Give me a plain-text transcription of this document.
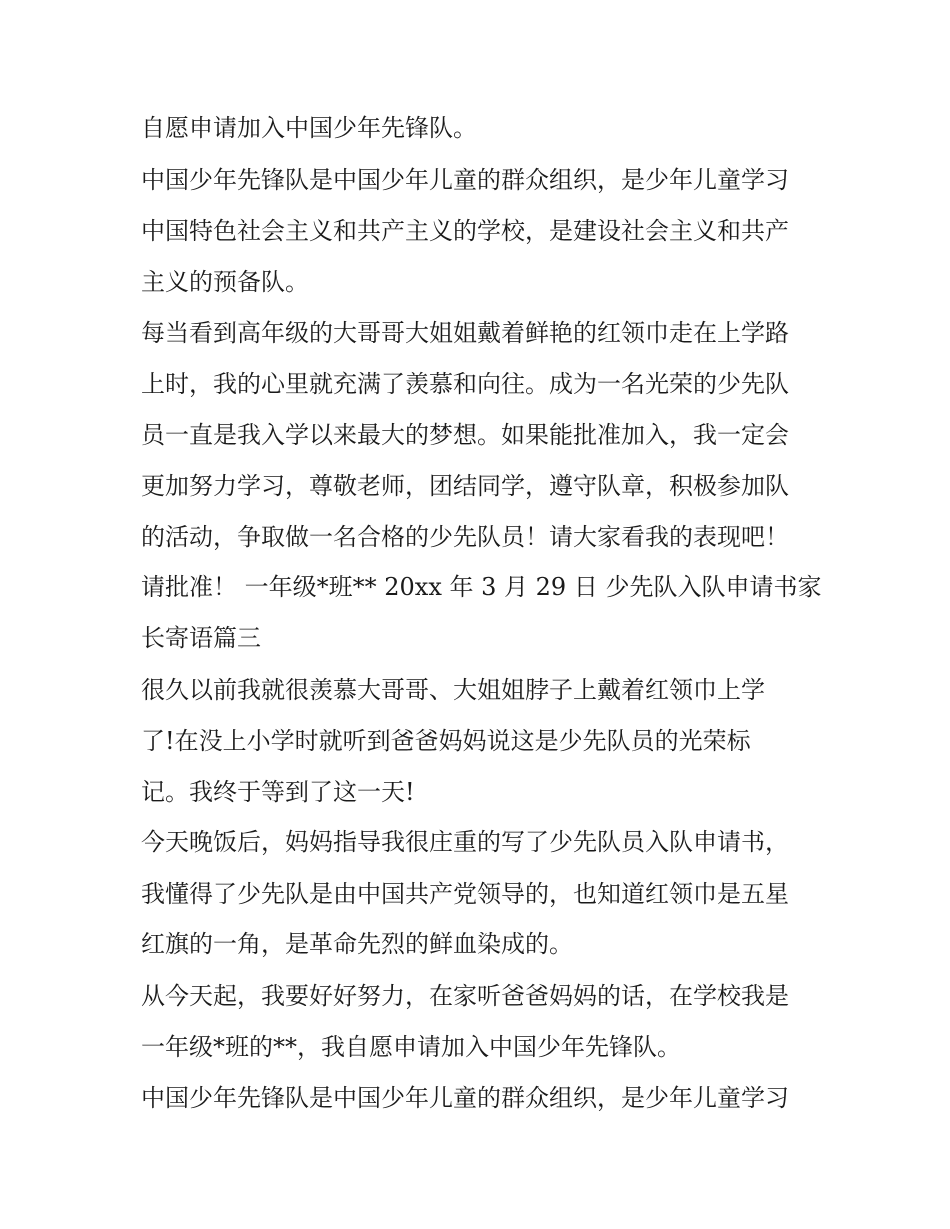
自愿申请加入中国少年先锋队。
中国少年先锋队是中国少年儿童的群众组织，是少年儿童学习
中国特色社会主义和共产主义的学校，是建设社会主义和共产
主义的预备队。
每当看到高年级的大哥哥大姐姐戴着鲜艳的红领巾走在上学路
上时，我的心里就充满了羡慕和向往。成为一名光荣的少先队
员一直是我入学以来最大的梦想。如果能批准加入，我一定会
更加努力学习，尊敬老师，团结同学，遵守队章，积极参加队
的活动，争取做一名合格的少先队员！请大家看我的表现吧！
请批准！ 一年级*班** 20xx 年 3 月 29 日 少先队入队申请书家
长寄语篇三
很久以前我就很羡慕大哥哥、大姐姐脖子上戴着红领巾上学
了!在没上小学时就听到爸爸妈妈说这是少先队员的光荣标
记。我终于等到了这一天!
今天晚饭后，妈妈指导我很庄重的写了少先队员入队申请书，
我懂得了少先队是由中国共产党领导的，也知道红领巾是五星
红旗的一角，是革命先烈的鲜血染成的。
从今天起，我要好好努力，在家听爸爸妈妈的话，在学校我是
一年级*班的**，我自愿申请加入中国少年先锋队。
中国少年先锋队是中国少年儿童的群众组织，是少年儿童学习
